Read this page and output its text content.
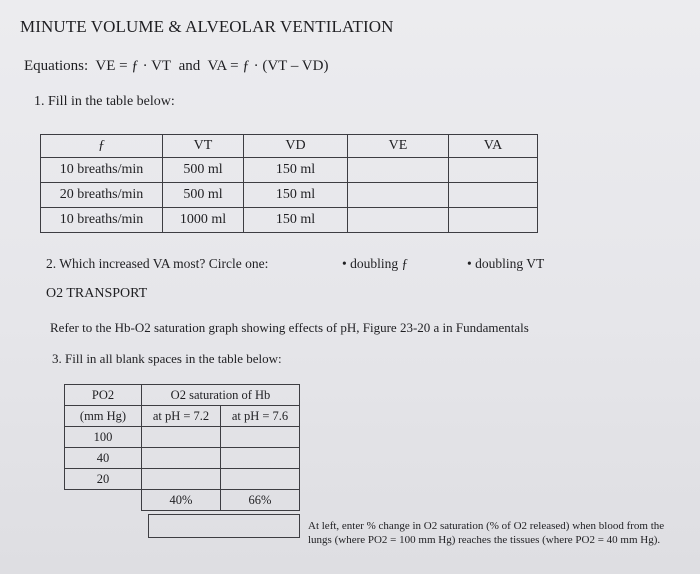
MINUTE VOLUME & ALVEOLAR VENTILATION
Equations: VE = ƒ · VT and VA = ƒ · (VT – VD)
1. Fill in the table below:
ƒ	VT	VD	VE	VA
10 breaths/min	500 ml	150 ml		
20 breaths/min	500 ml	150 ml		
10 breaths/min	1000 ml	150 ml		
2. Which increased VA most? Circle one:	• doubling ƒ	• doubling VT
O2 TRANSPORT
Refer to the Hb-O2 saturation graph showing effects of pH, Figure 23-20 a in Fundamentals
3. Fill in all blank spaces in the table below:
PO2	O2 saturation of Hb	
(mm Hg)	at pH = 7.2	at pH = 7.6
100		
40		
20		
	40%	66%
At left, enter % change in O2 saturation (% of O2 released) when blood from the lungs (where PO2 = 100 mm Hg) reaches the tissues (where PO2 = 40 mm Hg).
